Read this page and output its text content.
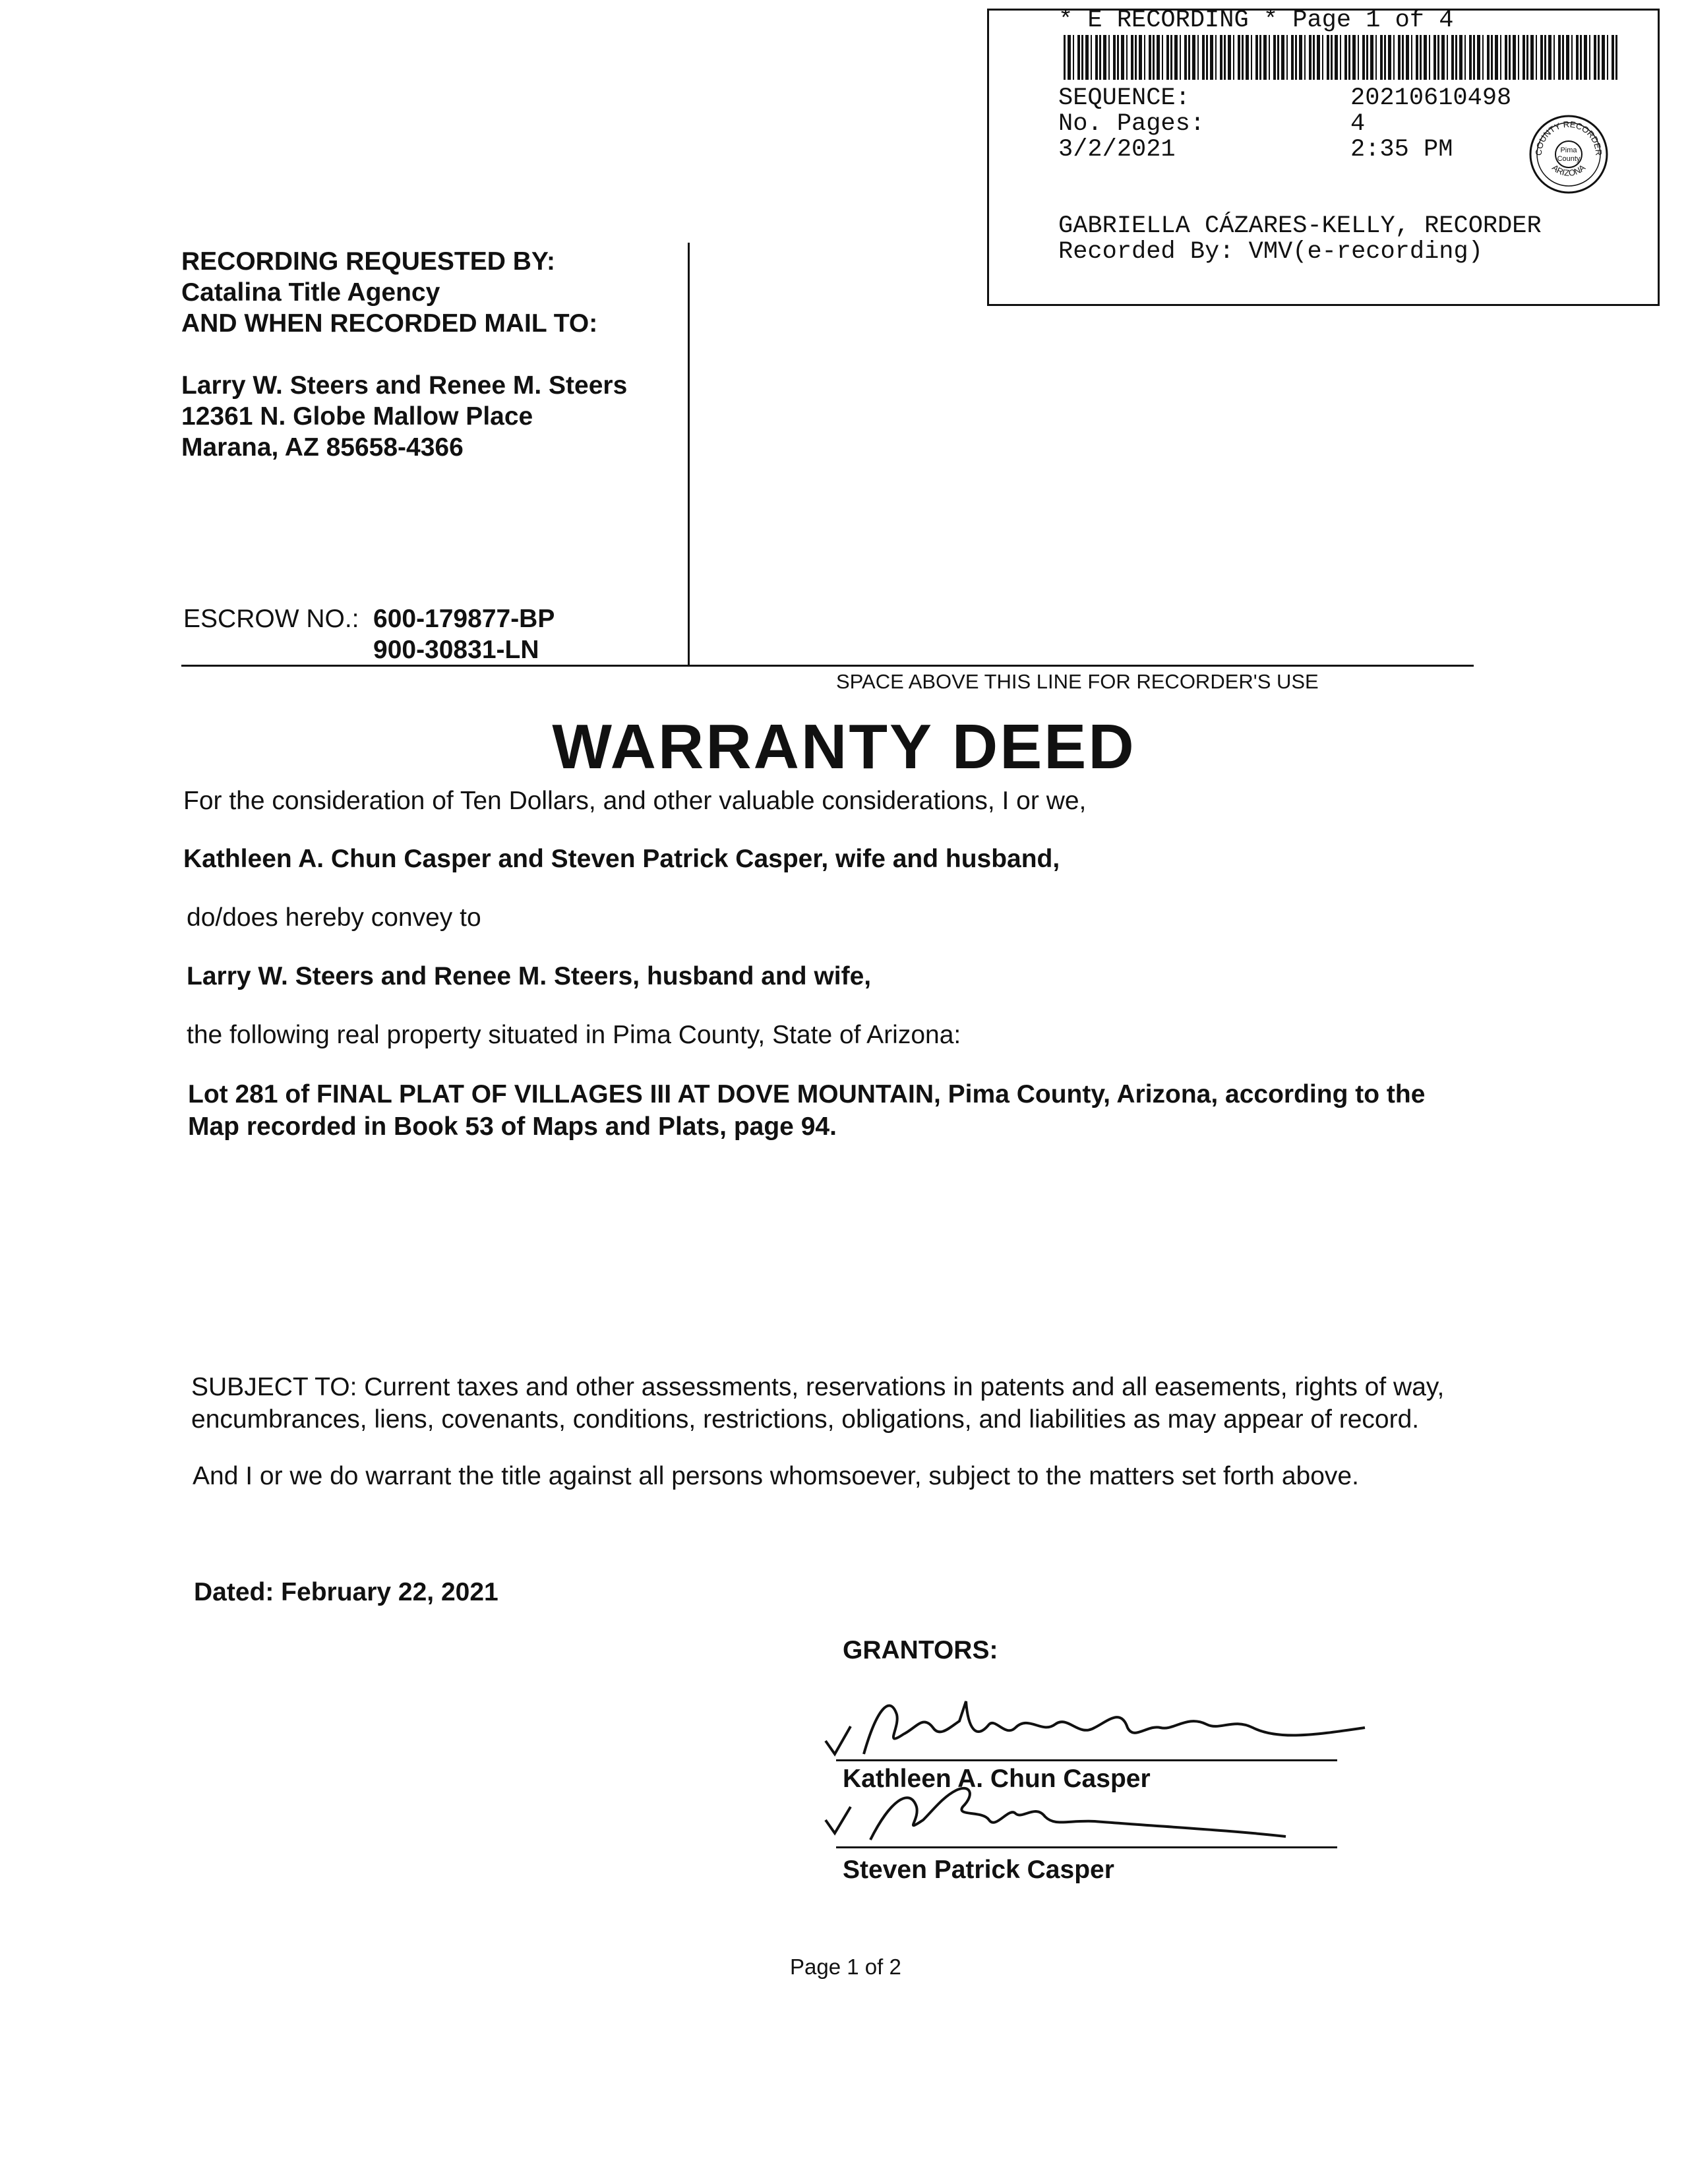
* E RECORDING * Page 1 of 4
SEQUENCE:	20210610498
No. Pages:	4
3/2/2021	2:35 PM	COUNTY RECORDER
ARIZONA
Pima
County
GABRIELLA CÁZARES-KELLY, RECORDER
Recorded By: VMV(e-recording)
RECORDING REQUESTED BY:
Catalina Title Agency
AND WHEN RECORDED MAIL TO:
Larry W. Steers and Renee M. Steers
12361 N. Globe Mallow Place
Marana, AZ 85658-4366
ESCROW NO.: 600-179877-BP
900-30831-LN
SPACE ABOVE THIS LINE FOR RECORDER'S USE
WARRANTY DEED
For the consideration of Ten Dollars, and other valuable considerations, I or we,
Kathleen A. Chun Casper and Steven Patrick Casper, wife and husband,
do/does hereby convey to
Larry W. Steers and Renee M. Steers, husband and wife,
the following real property situated in Pima County, State of Arizona:
Lot 281 of FINAL PLAT OF VILLAGES III AT DOVE MOUNTAIN, Pima County, Arizona, according to the
Map recorded in Book 53 of Maps and Plats, page 94.
SUBJECT TO: Current taxes and other assessments, reservations in patents and all easements, rights of way,
encumbrances, liens, covenants, conditions, restrictions, obligations, and liabilities as may appear of record.
And I or we do warrant the title against all persons whomsoever, subject to the matters set forth above.
Dated: February 22, 2021
GRANTORS:
Kathleen A. Chun Casper
Steven Patrick Casper
Page 1 of 2
